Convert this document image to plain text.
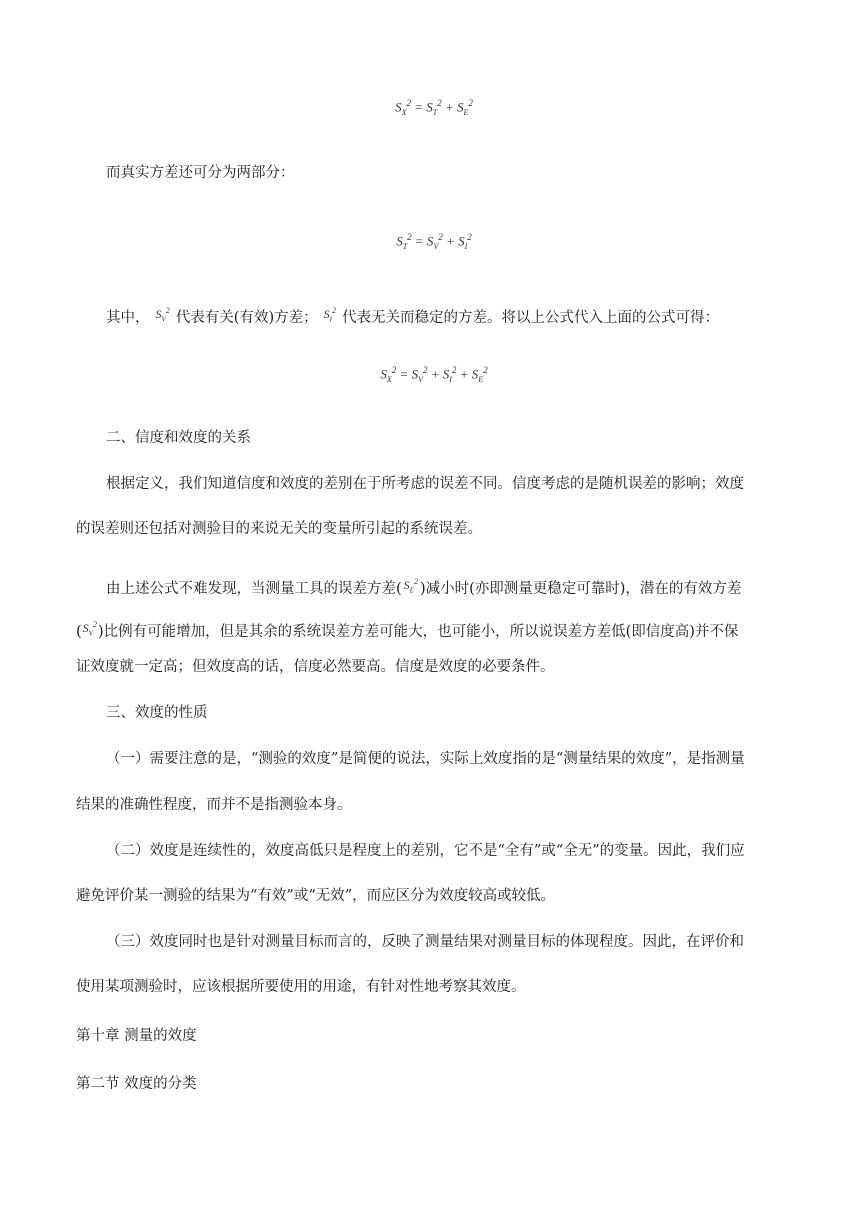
$S_X^2 = S_T^2 + S_E^2$

而真实方差还可分为两部分：

$S_T^2 = S_V^2 + S_I^2$

其中， $^{S_V^2}$ 代表有关(有效)方差； $^{S_I^2}$ 代表无关而稳定的方差。将以上公式代入上面的公式可得：

$S_X^2 = S_V^2 + S_I^2 + S_E^2$

二、信度和效度的关系

根据定义，我们知道信度和效度的差别在于所考虑的误差不同。信度考虑的是随机误差的影响；效度

的误差则还包括对测验目的来说无关的变量所引起的系统误差。

由上述公式不难发现，当测量工具的误差方差( $^{S_E^2}$ )减小时(亦即测量更稳定可靠时)，潜在的有效方差

($^{S_V^2}$)比例有可能增加，但是其余的系统误差方差可能大，也可能小，所以说误差方差低(即信度高)并不保

证效度就一定高；但效度高的话，信度必然要高。信度是效度的必要条件。

三、效度的性质

（一）需要注意的是，“测验的效度”是简便的说法，实际上效度指的是“测量结果的效度”，是指测量

结果的准确性程度，而并不是指测验本身。

（二）效度是连续性的，效度高低只是程度上的差别，它不是“全有”或“全无”的变量。因此，我们应

避免评价某一测验的结果为“有效”或“无效”，而应区分为效度较高或较低。

（三）效度同时也是针对测量目标而言的，反映了测量结果对测量目标的体现程度。因此，在评价和

使用某项测验时，应该根据所要使用的用途，有针对性地考察其效度。

第十章 测量的效度

第二节 效度的分类
